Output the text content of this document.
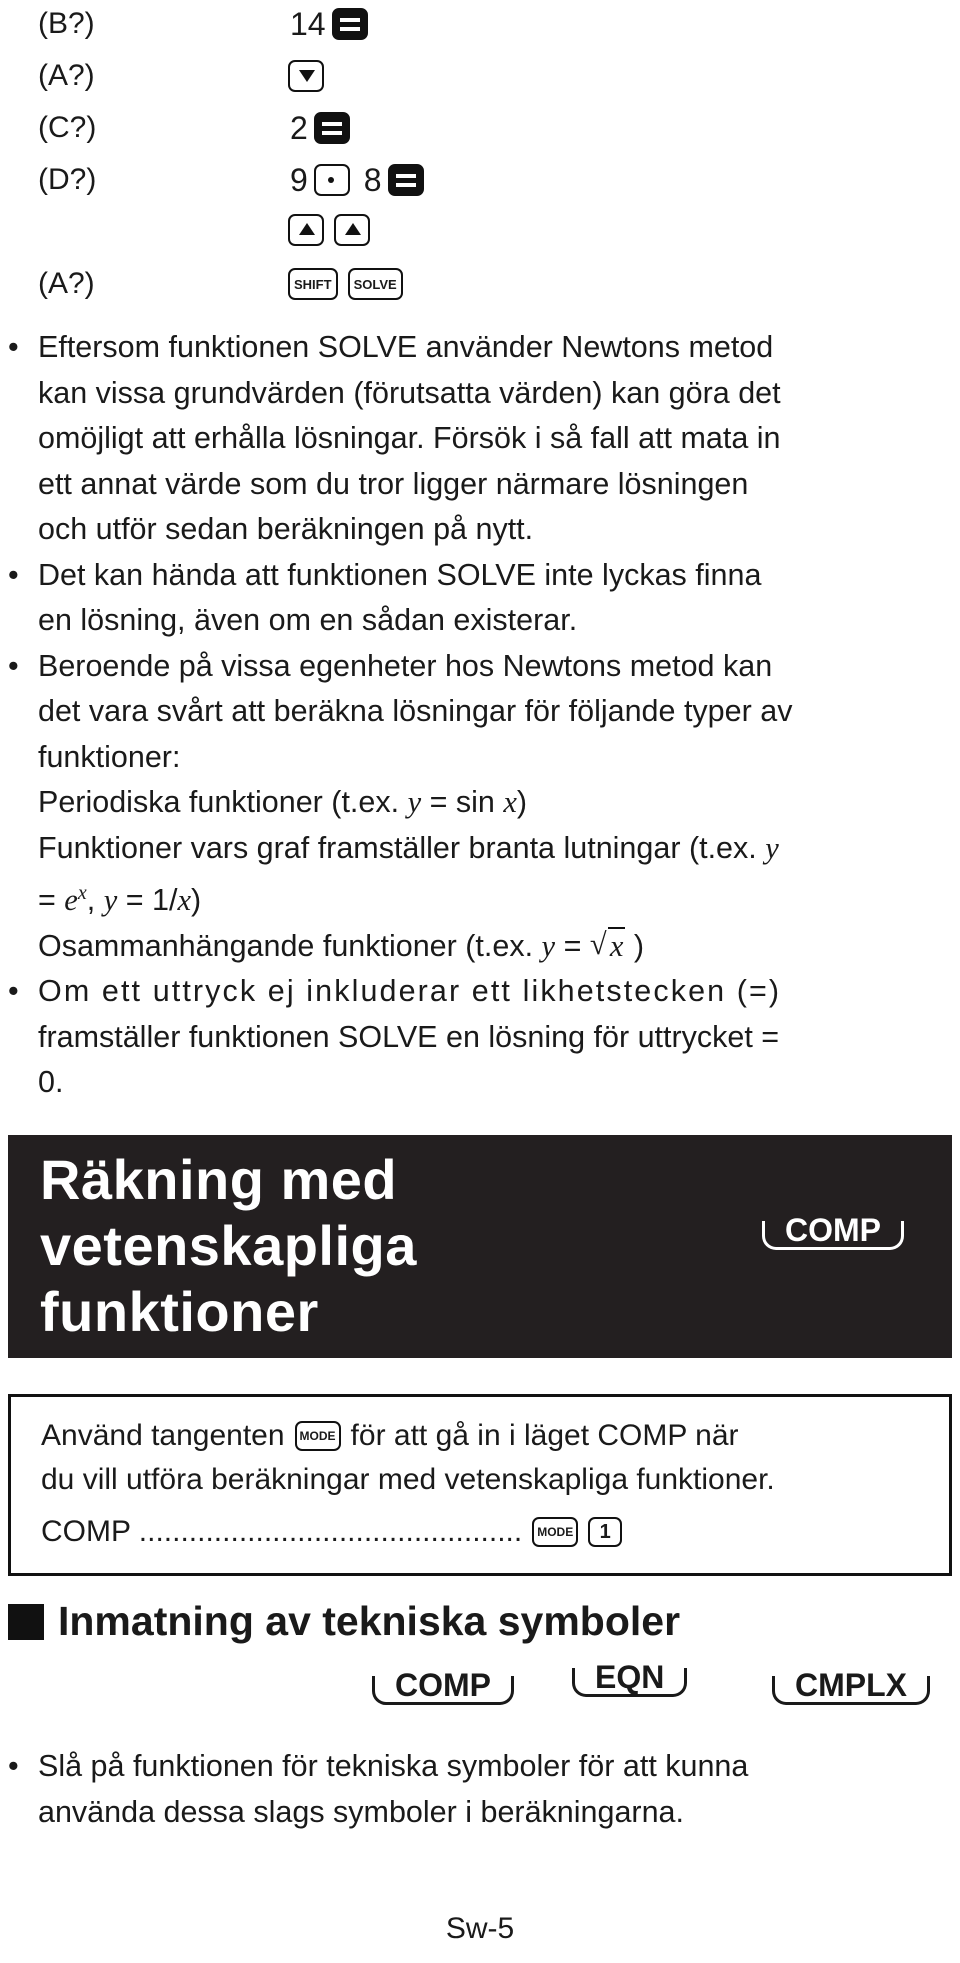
(B?)	14
(A?)
(C?)	2
(D?)	9 8
(A?)	SHIFT	SOLVE
• Eftersom funktionen SOLVE använder Newtons metod
kan vissa grundvärden (förutsatta värden) kan göra det
omöjligt att erhålla lösningar. Försök i så fall att mata in
ett annat värde som du tror ligger närmare lösningen
och utför sedan beräkningen på nytt.
• Det kan hända att funktionen SOLVE inte lyckas finna
en lösning, även om en sådan existerar.
• Beroende på vissa egenheter hos Newtons metod kan
det vara svårt att beräkna lösningar för följande typer av
funktioner:
Periodiska funktioner (t.ex. y = sin x)
Funktioner vars graf framställer branta lutningar (t.ex. y
= $e^x$, y = 1/x)
Osammanhängande funktioner (t.ex. y = √ x )
• Om ett uttryck ej inkluderar ett likhetstecken (=)
framställer funktionen SOLVE en lösning för uttrycket =
0.
Räkning med
vetenskapliga
funktioner
COMP
Använd tangenten	MODE för att gå in i läget COMP när
du vill utföra beräkningar med vetenskapliga funktioner.
COMP ..............................................	MODE	1
Inmatning av tekniska symboler
COMP	EQN	CMPLX
• Slå på funktionen för tekniska symboler för att kunna
använda dessa slags symboler i beräkningarna.
Sw-5
